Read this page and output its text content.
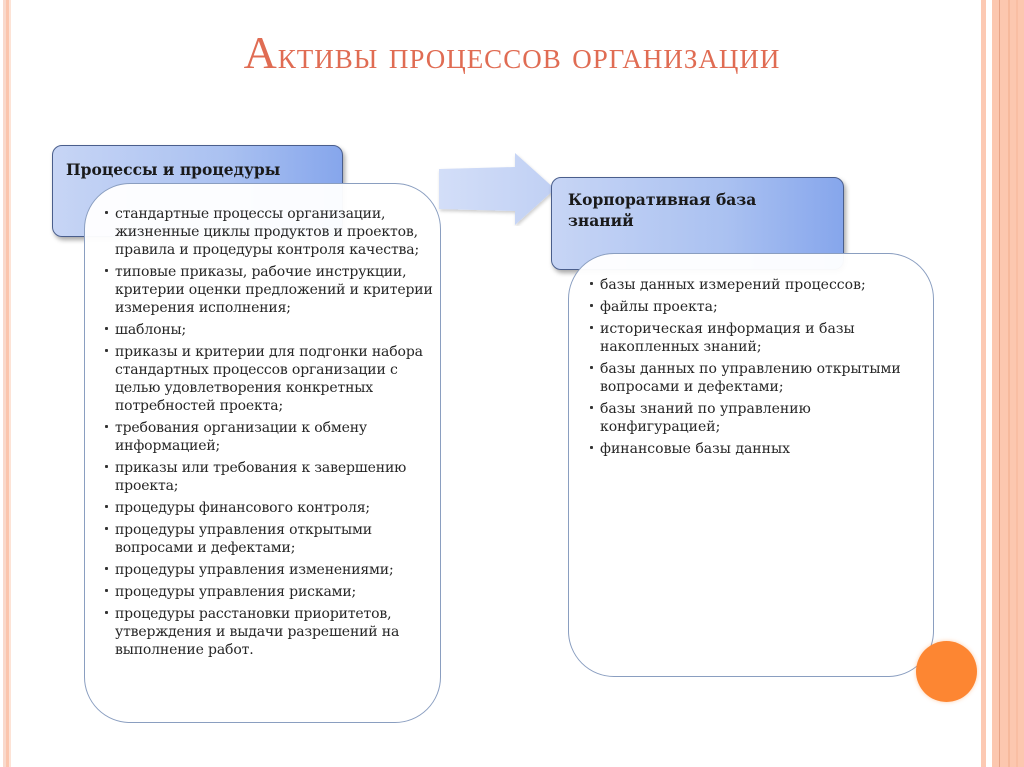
Активы процессов организации
Процессы и процедуры
стандартные процессы организации, жизненные циклы продуктов и проектов, правила и процедуры контроля качества;
типовые приказы, рабочие инструкции, критерии оценки предложений и критерии измерения исполнения;
шаблоны;
приказы и критерии для подгонки набора стандартных процессов организации с целью удовлетворения конкретных потребностей проекта;
требования организации к обмену информацией;
приказы или требования к завершению проекта;
процедуры финансового контроля;
процедуры управления открытыми вопросами и дефектами;
процедуры управления изменениями;
процедуры управления рисками;
процедуры расстановки приоритетов, утверждения и выдачи разрешений на выполнение работ.
Корпоративная база знаний
базы данных измерений процессов;
файлы проекта;
историческая информация и базы накопленных знаний;
базы данных по управлению открытыми вопросами и дефектами;
базы знаний по управлению конфигурацией;
финансовые базы данных
